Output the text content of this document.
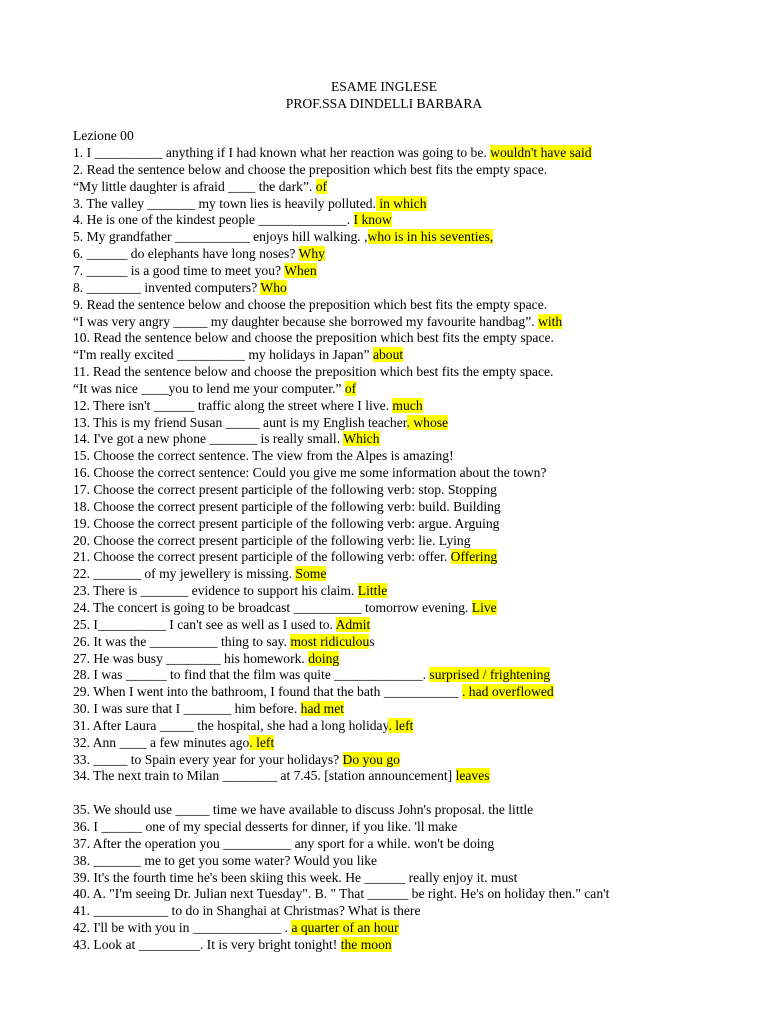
ESAME INGLESE
PROF.SSA DINDELLI BARBARA
Lezione 00
1. I __________ anything if I had known what her reaction was going to be. wouldn't have said
2. Read the sentence below and choose the preposition which best fits the empty space.
“My little daughter is afraid ____ the dark”. of
3. The valley _______ my town lies is heavily polluted. in which
4. He is one of the kindest people _____________. I know
5. My grandfather ___________ enjoys hill walking. ,who is in his seventies,
6. ______ do elephants have long noses? Why
7. ______ is a good time to meet you? When
8. ________ invented computers? Who
9. Read the sentence below and choose the preposition which best fits the empty space.
“I was very angry _____ my daughter because she borrowed my favourite handbag”. with
10. Read the sentence below and choose the preposition which best fits the empty space.
“I'm really excited __________ my holidays in Japan” about
11. Read the sentence below and choose the preposition which best fits the empty space.
“It was nice ____you to lend me your computer.” of
12. There isn't ______ traffic along the street where I live. much
13. This is my friend Susan _____ aunt is my English teacher. whose
14. I've got a new phone _______ is really small. Which
15. Choose the correct sentence. The view from the Alpes is amazing!
16. Choose the correct sentence: Could you give me some information about the town?
17. Choose the correct present participle of the following verb: stop. Stopping
18. Choose the correct present participle of the following verb: build. Building
19. Choose the correct present participle of the following verb: argue. Arguing
20. Choose the correct present participle of the following verb: lie. Lying
21. Choose the correct present participle of the following verb: offer. Offering
22. _______ of my jewellery is missing. Some
23. There is _______ evidence to support his claim. Little
24. The concert is going to be broadcast __________ tomorrow evening. Live
25. I__________ I can't see as well as I used to. Admit
26. It was the __________ thing to say. most ridiculous
27. He was busy ________ his homework. doing
28. I was ______ to find that the film was quite _____________. surprised / frightening
29. When I went into the bathroom, I found that the bath ___________ . had overflowed
30. I was sure that I _______ him before. had met
31. After Laura _____ the hospital, she had a long holiday. left
32. Ann ____ a few minutes ago. left
33. _____ to Spain every year for your holidays? Do you go
34. The next train to Milan ________ at 7.45. [station announcement] leaves
35. We should use _____ time we have available to discuss John's proposal. the little
36. I ______ one of my special desserts for dinner, if you like. 'll make
37. After the operation you __________ any sport for a while. won't be doing
38. _______ me to get you some water? Would you like
39. It's the fourth time he's been skiing this week. He ______ really enjoy it. must
40. A. "I'm seeing Dr. Julian next Tuesday". B. " That ______ be right. He's on holiday then." can't
41. ___________ to do in Shanghai at Christmas? What is there
42. I'll be with you in _____________ . a quarter of an hour
43. Look at _________. It is very bright tonight! the moon
